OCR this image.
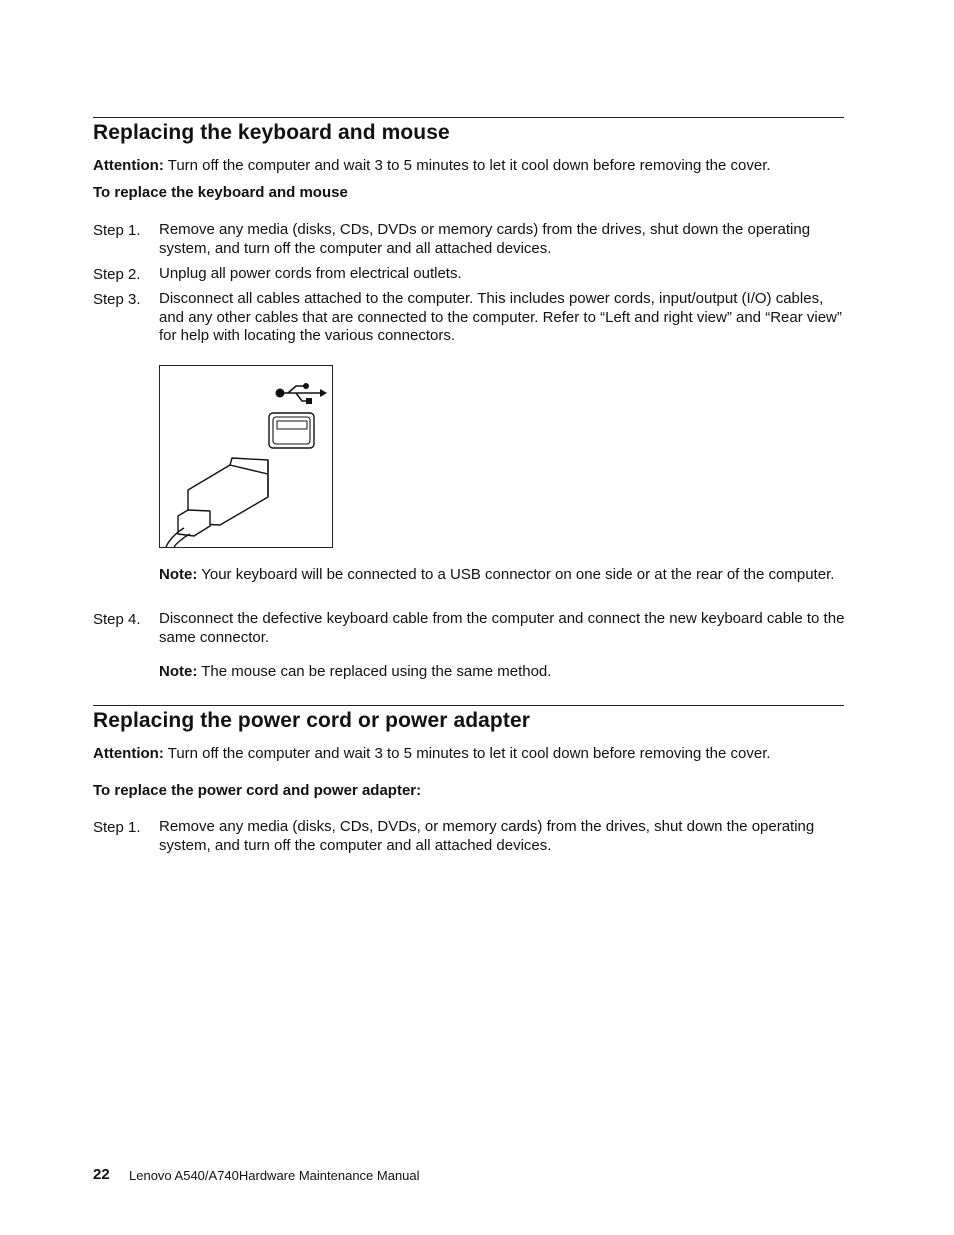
Replacing the keyboard and mouse
Attention: Turn off the computer and wait 3 to 5 minutes to let it cool down before removing the cover.
To replace the keyboard and mouse
Step 1. Remove any media (disks, CDs, DVDs or memory cards) from the drives, shut down the operating system, and turn off the computer and all attached devices.
Step 2. Unplug all power cords from electrical outlets.
Step 3. Disconnect all cables attached to the computer. This includes power cords, input/output (I/O) cables, and any other cables that are connected to the computer. Refer to “Left and right view” and “Rear view” for help with locating the various connectors.
Note: Your keyboard will be connected to a USB connector on one side or at the rear of the computer.
Step 4. Disconnect the defective keyboard cable from the computer and connect the new keyboard cable to the same connector.
Note: The mouse can be replaced using the same method.
Replacing the power cord or power adapter
Attention: Turn off the computer and wait 3 to 5 minutes to let it cool down before removing the cover.
To replace the power cord and power adapter:
Step 1. Remove any media (disks, CDs, DVDs, or memory cards) from the drives, shut down the operating system, and turn off the computer and all attached devices.
22 Lenovo A540/A740Hardware Maintenance Manual
